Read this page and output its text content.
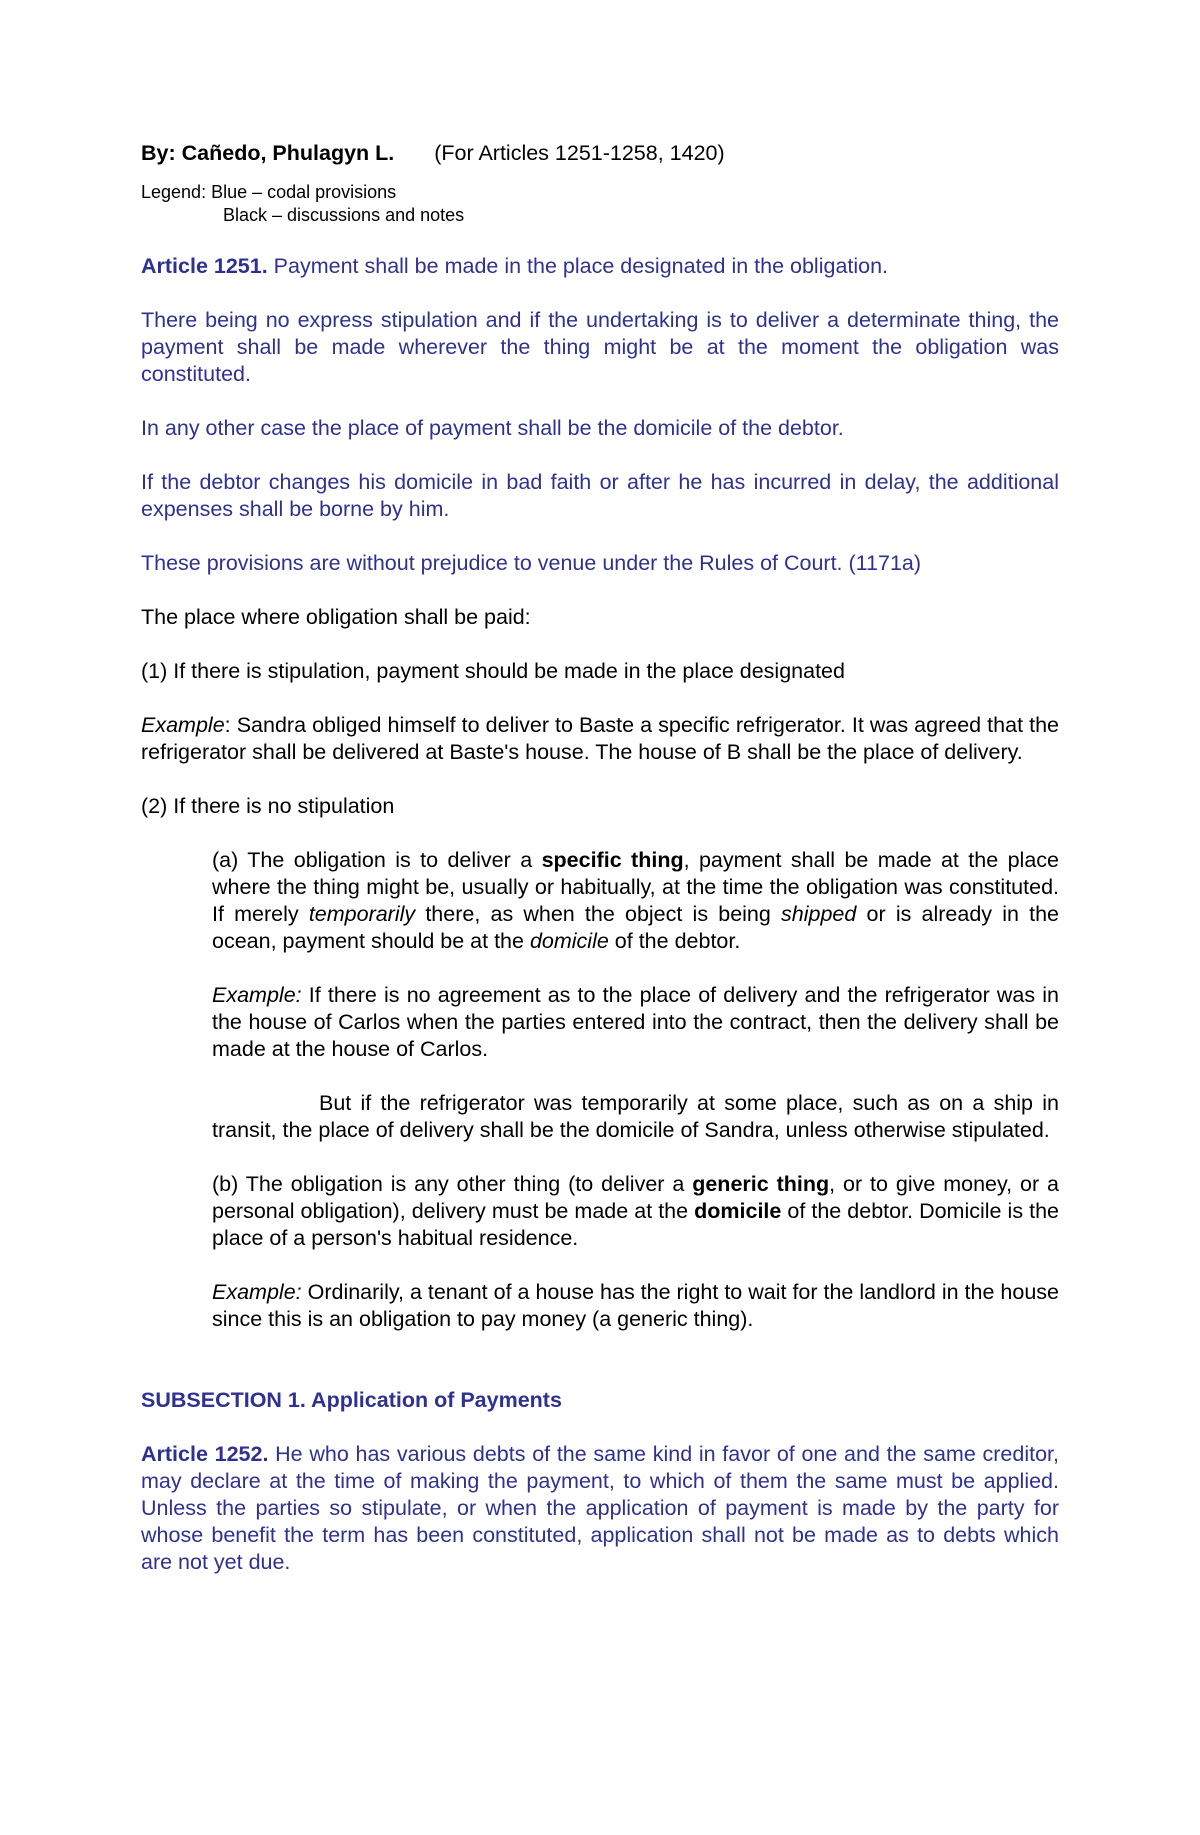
By: Cañedo, Phulagyn L. (For Articles 1251-1258, 1420)

Legend: Blue – codal provisions
Black – discussions and notes

Article 1251. Payment shall be made in the place designated in the obligation.

There being no express stipulation and if the undertaking is to deliver a determinate thing, the payment shall be made wherever the thing might be at the moment the obligation was constituted.

In any other case the place of payment shall be the domicile of the debtor.

If the debtor changes his domicile in bad faith or after he has incurred in delay, the additional expenses shall be borne by him.

These provisions are without prejudice to venue under the Rules of Court. (1171a)

The place where obligation shall be paid:

(1) If there is stipulation, payment should be made in the place designated

Example: Sandra obliged himself to deliver to Baste a specific refrigerator. It was agreed that the refrigerator shall be delivered at Baste's house. The house of B shall be the place of delivery.

(2) If there is no stipulation

(a) The obligation is to deliver a specific thing, payment shall be made at the place where the thing might be, usually or habitually, at the time the obligation was constituted. If merely temporarily there, as when the object is being shipped or is already in the ocean, payment should be at the domicile of the debtor.

Example: If there is no agreement as to the place of delivery and the refrigerator was in the house of Carlos when the parties entered into the contract, then the delivery shall be made at the house of Carlos.

But if the refrigerator was temporarily at some place, such as on a ship in transit, the place of delivery shall be the domicile of Sandra, unless otherwise stipulated.

(b) The obligation is any other thing (to deliver a generic thing, or to give money, or a personal obligation), delivery must be made at the domicile of the debtor. Domicile is the place of a person's habitual residence.

Example: Ordinarily, a tenant of a house has the right to wait for the landlord in the house since this is an obligation to pay money (a generic thing).

SUBSECTION 1. Application of Payments

Article 1252. He who has various debts of the same kind in favor of one and the same creditor, may declare at the time of making the payment, to which of them the same must be applied. Unless the parties so stipulate, or when the application of payment is made by the party for whose benefit the term has been constituted, application shall not be made as to debts which are not yet due.
